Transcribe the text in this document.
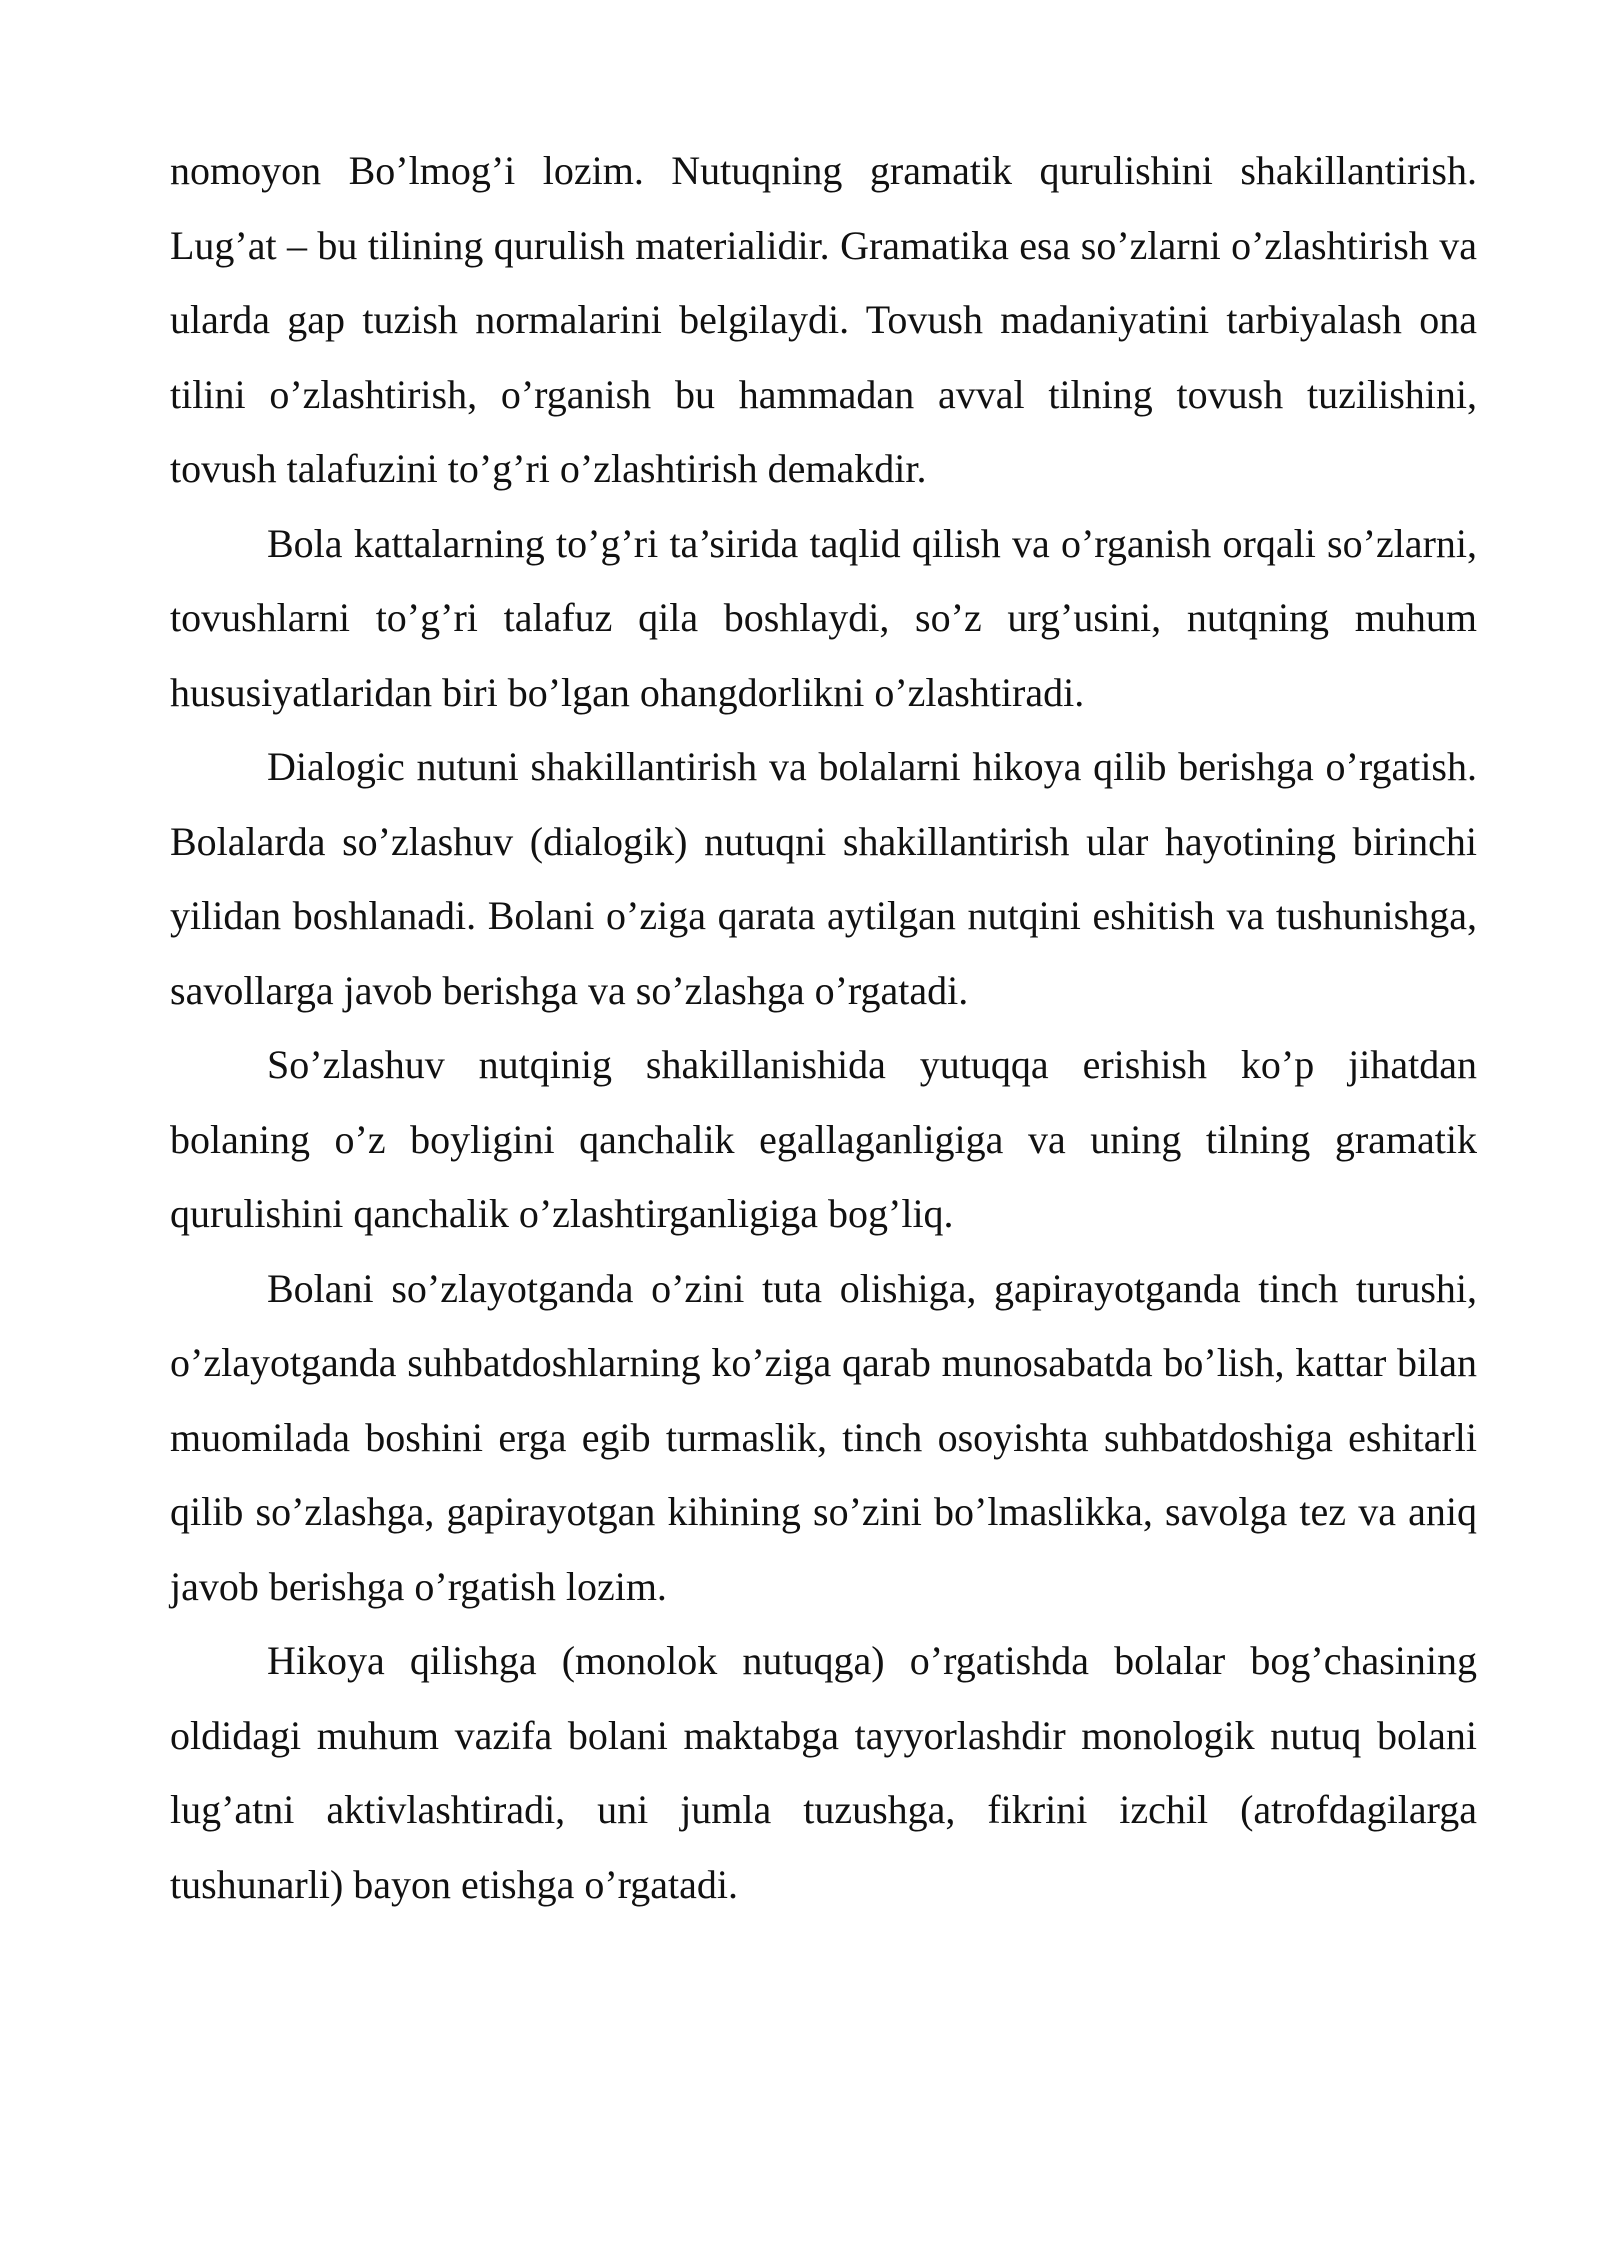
nomoyon Bo’lmog’i lozim. Nutuqning gramatik qurulishini shakillantirish. Lug’at – bu tilining qurulish materialidir. Gramatika esa so’zlarni o’zlashtirish va ularda gap tuzish normalarini belgilaydi. Tovush madaniyatini tarbiyalash ona tilini o’zlashtirish, o’rganish bu hammadan avval tilning tovush tuzilishini, tovush talafuzini to’g’ri o’zlashtirish demakdir.

Bola kattalarning to’g’ri ta’sirida taqlid qilish va o’rganish orqali so’zlarni, tovushlarni to’g’ri talafuz qila boshlaydi, so’z urg’usini, nutqning muhum hususiyatlaridan biri bo’lgan ohangdorlikni o’zlashtiradi.

Dialogic nutuni shakillantirish va bolalarni hikoya qilib berishga o’rgatish. Bolalarda so’zlashuv (dialogik) nutuqni shakillantirish ular hayotining birinchi yilidan boshlanadi. Bolani o’ziga qarata aytilgan nutqini eshitish va tushunishga, savollarga javob berishga va so’zlashga o’rgatadi.

So’zlashuv nutqinig shakillanishida yutuqqa erishish ko’p jihatdan bolaning o’z boyligini qanchalik egallaganligiga va uning tilning gramatik qurulishini qanchalik o’zlashtirganligiga bog’liq.

Bolani so’zlayotganda o’zini tuta olishiga, gapirayotganda tinch turushi, o’zlayotganda suhbatdoshlarning ko’ziga qarab munosabatda bo’lish, kattar bilan muomilada boshini erga egib turmaslik, tinch osoyishta suhbatdoshiga eshitarli qilib so’zlashga, gapirayotgan kihining so’zini bo’lmaslikka, savolga tez va aniq javob berishga o’rgatish lozim.

Hikoya qilishga (monolok nutuqga) o’rgatishda bolalar bog’chasining oldidagi muhum vazifa bolani maktabga tayyorlashdir monologik nutuq bolani lug’atni aktivlashtiradi, uni jumla tuzushga, fikrini izchil (atrofdagilarga tushunarli) bayon etishga o’rgatadi.
